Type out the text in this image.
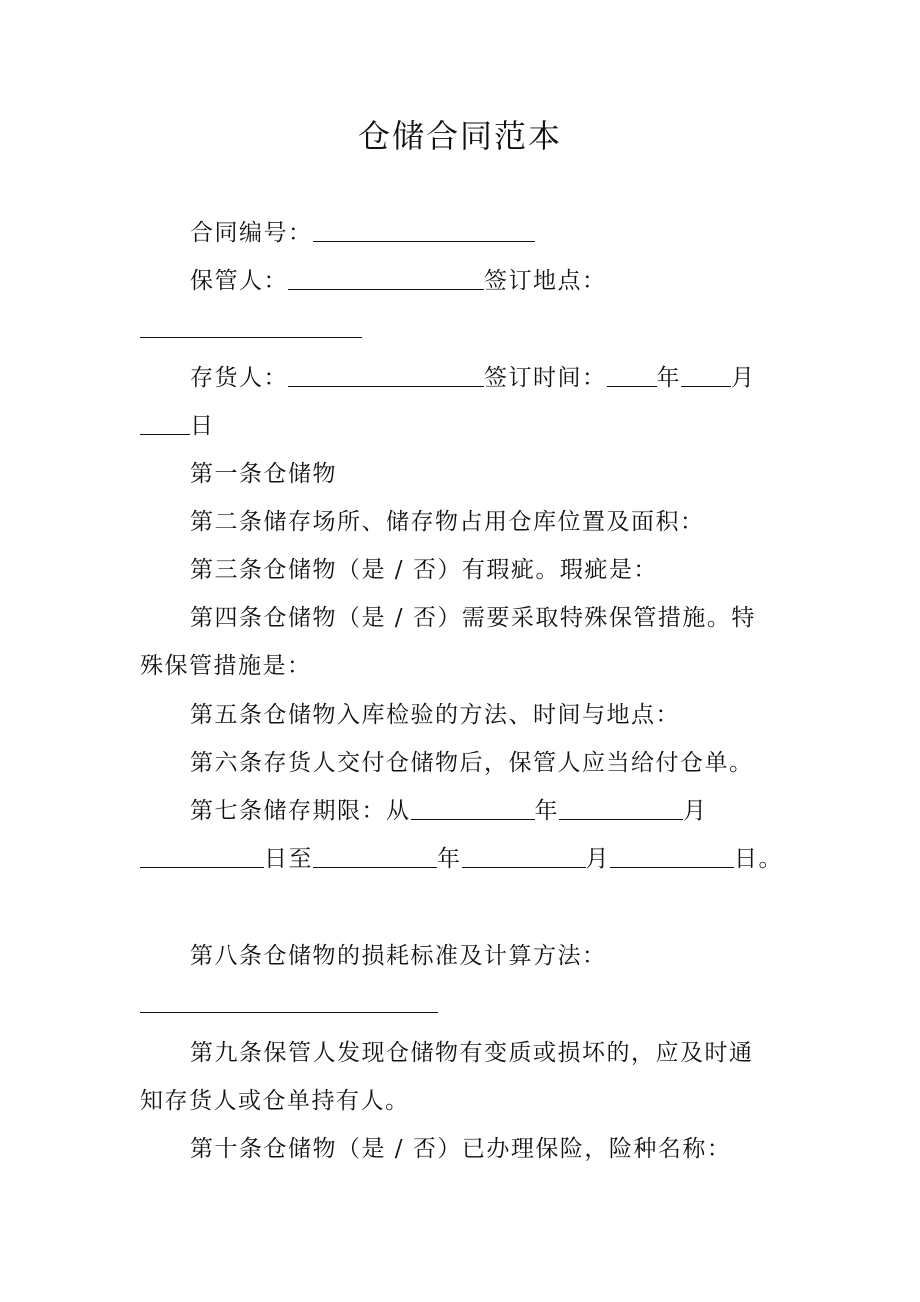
仓储合同范本
合同编号：
保管人：	签订地点：
存货人：	签订时间： 年 月
日
第一条仓储物
第二条储存场所、储存物占用仓库位置及面积：
第三条仓储物（是 / 否）有瑕疵。瑕疵是：
第四条仓储物（是 / 否）需要采取特殊保管措施。特
殊保管措施是：
第五条仓储物入库检验的方法、时间与地点：
第六条存货人交付仓储物后，保管人应当给付仓单。
第七条储存期限：从	年	月
日至	年	月	日。
第八条仓储物的损耗标准及计算方法：
第九条保管人发现仓储物有变质或损坏的，应及时通
知存货人或仓单持有人。
第十条仓储物（是 / 否）已办理保险，险种名称：
